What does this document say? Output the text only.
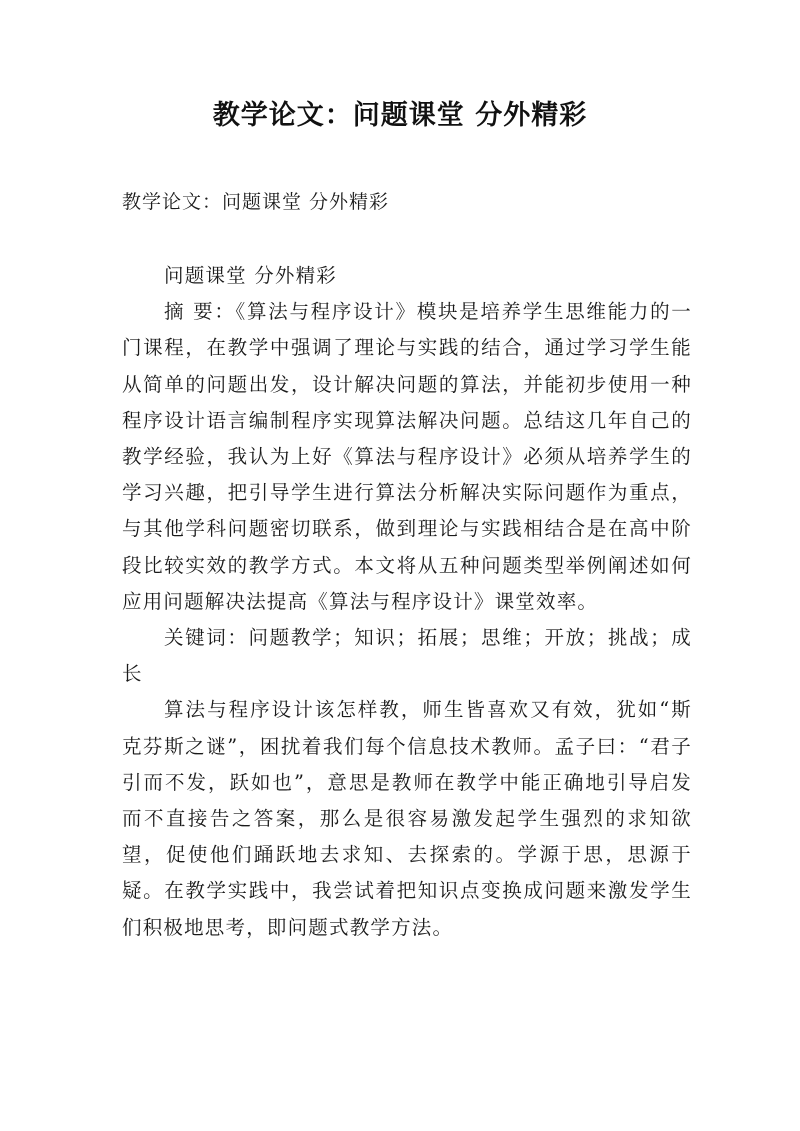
教学论文：问题课堂 分外精彩
教学论文：问题课堂 分外精彩

问题课堂 分外精彩

摘 要：《算法与程序设计》模块是培养学生思维能力的一门课程，在教学中强调了理论与实践的结合，通过学习学生能从简单的问题出发，设计解决问题的算法，并能初步使用一种程序设计语言编制程序实现算法解决问题。总结这几年自己的教学经验，我认为上好《算法与程序设计》必须从培养学生的学习兴趣，把引导学生进行算法分析解决实际问题作为重点，与其他学科问题密切联系，做到理论与实践相结合是在高中阶段比较实效的教学方式。本文将从五种问题类型举例阐述如何应用问题解决法提高《算法与程序设计》课堂效率。

关键词：问题教学；知识；拓展；思维；开放；挑战；成长

算法与程序设计该怎样教，师生皆喜欢又有效，犹如“斯克芬斯之谜”，困扰着我们每个信息技术教师。孟子曰：“君子引而不发，跃如也”，意思是教师在教学中能正确地引导启发而不直接告之答案，那么是很容易激发起学生强烈的求知欲望，促使他们踊跃地去求知、去探索的。学源于思，思源于疑。在教学实践中，我尝试着把知识点变换成问题来激发学生们积极地思考，即问题式教学方法。
